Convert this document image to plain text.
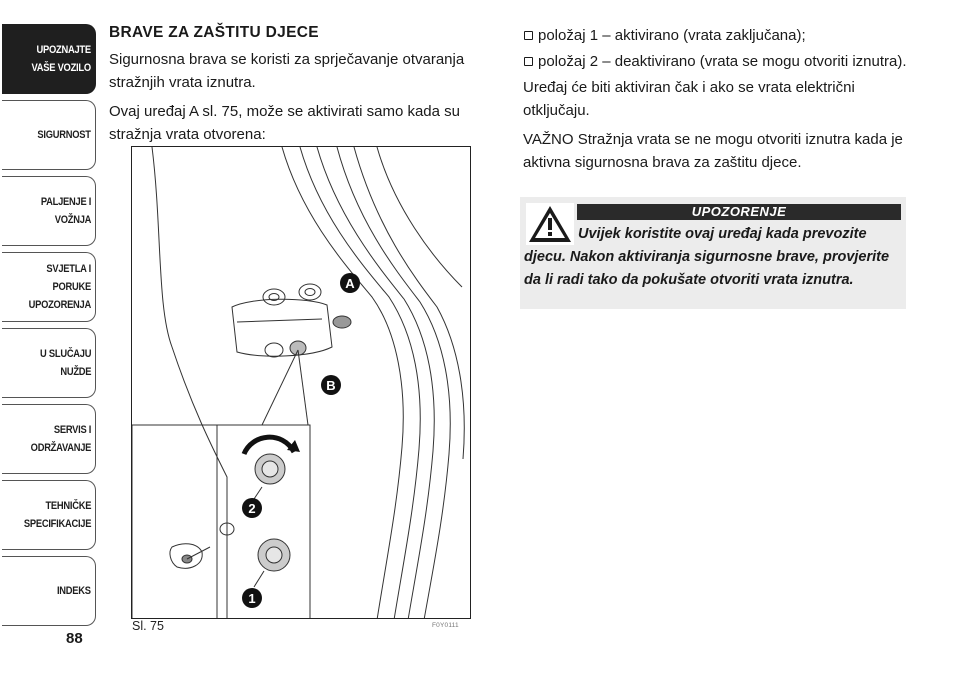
UPOZNAJTE
VAŠE VOZILO
SIGURNOST
PALJENJE I
VOŽNJA
SVJETLA I PORUKE
UPOZORENJA
U SLUČAJU
NUŽDE
SERVIS I
ODRŽAVANJE
TEHNIČKE
SPECIFIKACIJE
INDEKS
88
BRAVE ZA ZAŠTITU DJECE

Sigurnosna brava se koristi za sprječavanje otvaranja stražnjih vrata iznutra.

Ovaj uređaj A sl. 75, može se aktivirati samo kada su stražnja vrata otvorena:

A
B
2
1
Sl. 75	F0Y0111
položaj 1 – aktivirano (vrata zaključana);
položaj 2 – deaktivirano (vrata se mogu otvoriti iznutra).

Uređaj će biti aktiviran čak i ako se vrata električni otključaju.

VAŽNO Stražnja vrata se ne mogu otvoriti iznutra kada je aktivna sigurnosna brava za zaštitu djece.

UPOZORENJE

Uvijek koristite ovaj uređaj kada prevozite djecu. Nakon aktiviranja sigurnosne brave, provjerite da li radi tako da pokušate otvoriti vrata iznutra.
